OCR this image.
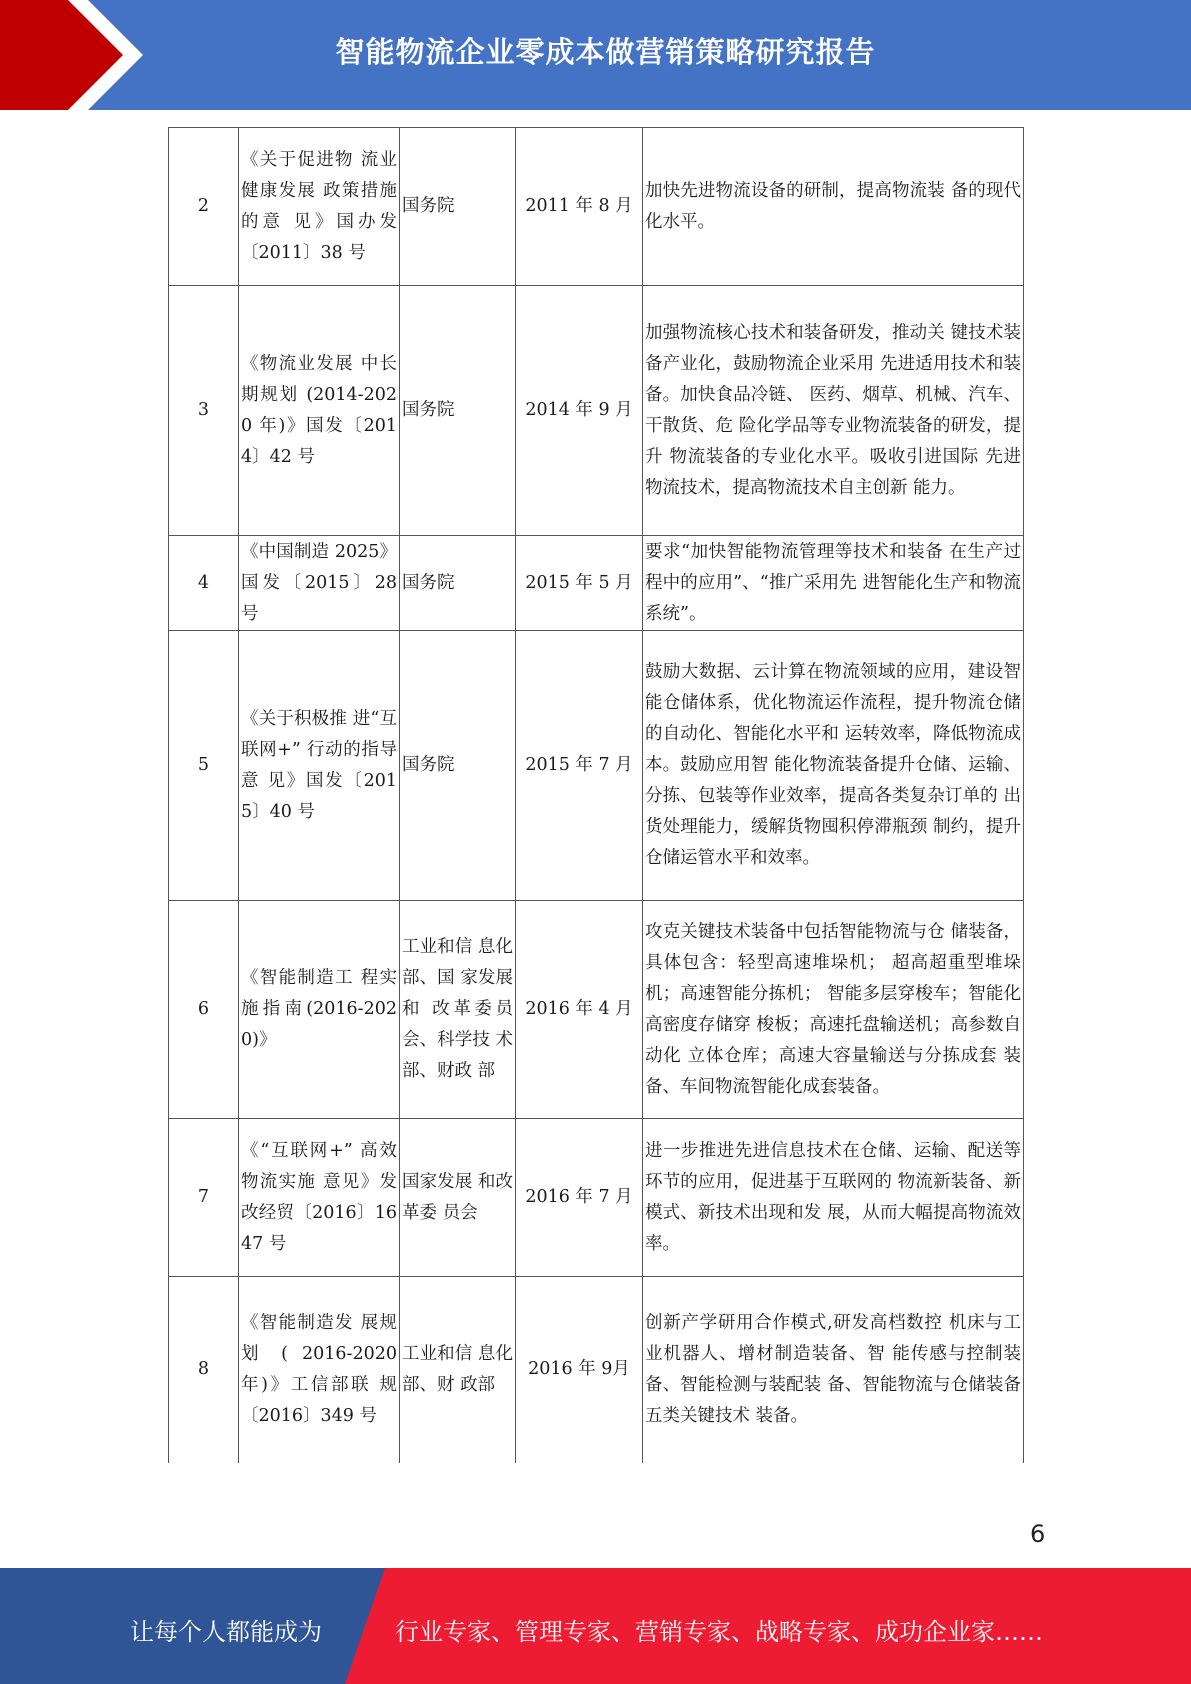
智能物流企业零成本做营销策略研究报告
2	《关于促进物 流业健康发展 政策措施的意 见》国办发〔2011〕38 号	国务院	2011 年 8 月	加快先进物流设备的研制，提高物流装 备的现代化水平。
3	《物流业发展 中长期规划 (2014-2020 年)》国发〔2014〕42 号	国务院	2014 年 9 月	加强物流核心技术和装备研发，推动关 键技术装备产业化，鼓励物流企业采用 先进适用技术和装备。加快食品冷链、 医药、烟草、机械、汽车、干散货、危 险化学品等专业物流装备的研发，提升 物流装备的专业化水平。吸收引进国际 先进物流技术，提高物流技术自主创新 能力。
4	《中国制造 2025》国发〔2015〕28 号	国务院	2015 年 5 月	要求“加快智能物流管理等技术和装备 在生产过程中的应用”、“推广采用先 进智能化生产和物流系统”。
5	《关于积极推 进“互联网+” 行动的指导意 见》国发〔2015〕40 号	国务院	2015 年 7 月	鼓励大数据、云计算在物流领域的应用，建设智能仓储体系，优化物流运作流程，提升物流仓储的自动化、智能化水平和 运转效率，降低物流成本。鼓励应用智 能化物流装备提升仓储、运输、分拣、包装等作业效率，提高各类复杂订单的 出货处理能力，缓解货物囤积停滞瓶颈 制约，提升仓储运管水平和效率。
6	《智能制造工 程实施指南(2016-2020)》	工业和信 息化部、国 家发展和 改革委员 会、科学技 术部、财政 部	2016 年 4 月	攻克关键技术装备中包括智能物流与仓 储装备，具体包含：轻型高速堆垛机； 超高超重型堆垛机；高速智能分拣机； 智能多层穿梭车；智能化高密度存储穿 梭板；高速托盘输送机；高参数自动化 立体仓库；高速大容量输送与分拣成套 装备、车间物流智能化成套装备。
7	《“互联网+” 高效物流实施 意见》发改经贸〔2016〕1647 号	国家发展 和改革委 员会	2016 年 7 月	进一步推进先进信息技术在仓储、运输、配送等环节的应用，促进基于互联网的 物流新装备、新模式、新技术出现和发 展，从而大幅提高物流效率。
8	《智能制造发 展规 划 ( 2016-2020 年)》工信部联 规〔2016〕349 号	工业和信 息化部、财 政部	2016 年 9月	创新产学研用合作模式,研发高档数控 机床与工业机器人、增材制造装备、智 能传感与控制装备、智能检测与装配装 备、智能物流与仓储装备五类关键技术 装备。
6
让每个人都能成为	行业专家、管理专家、营销专家、战略专家、成功企业家……
